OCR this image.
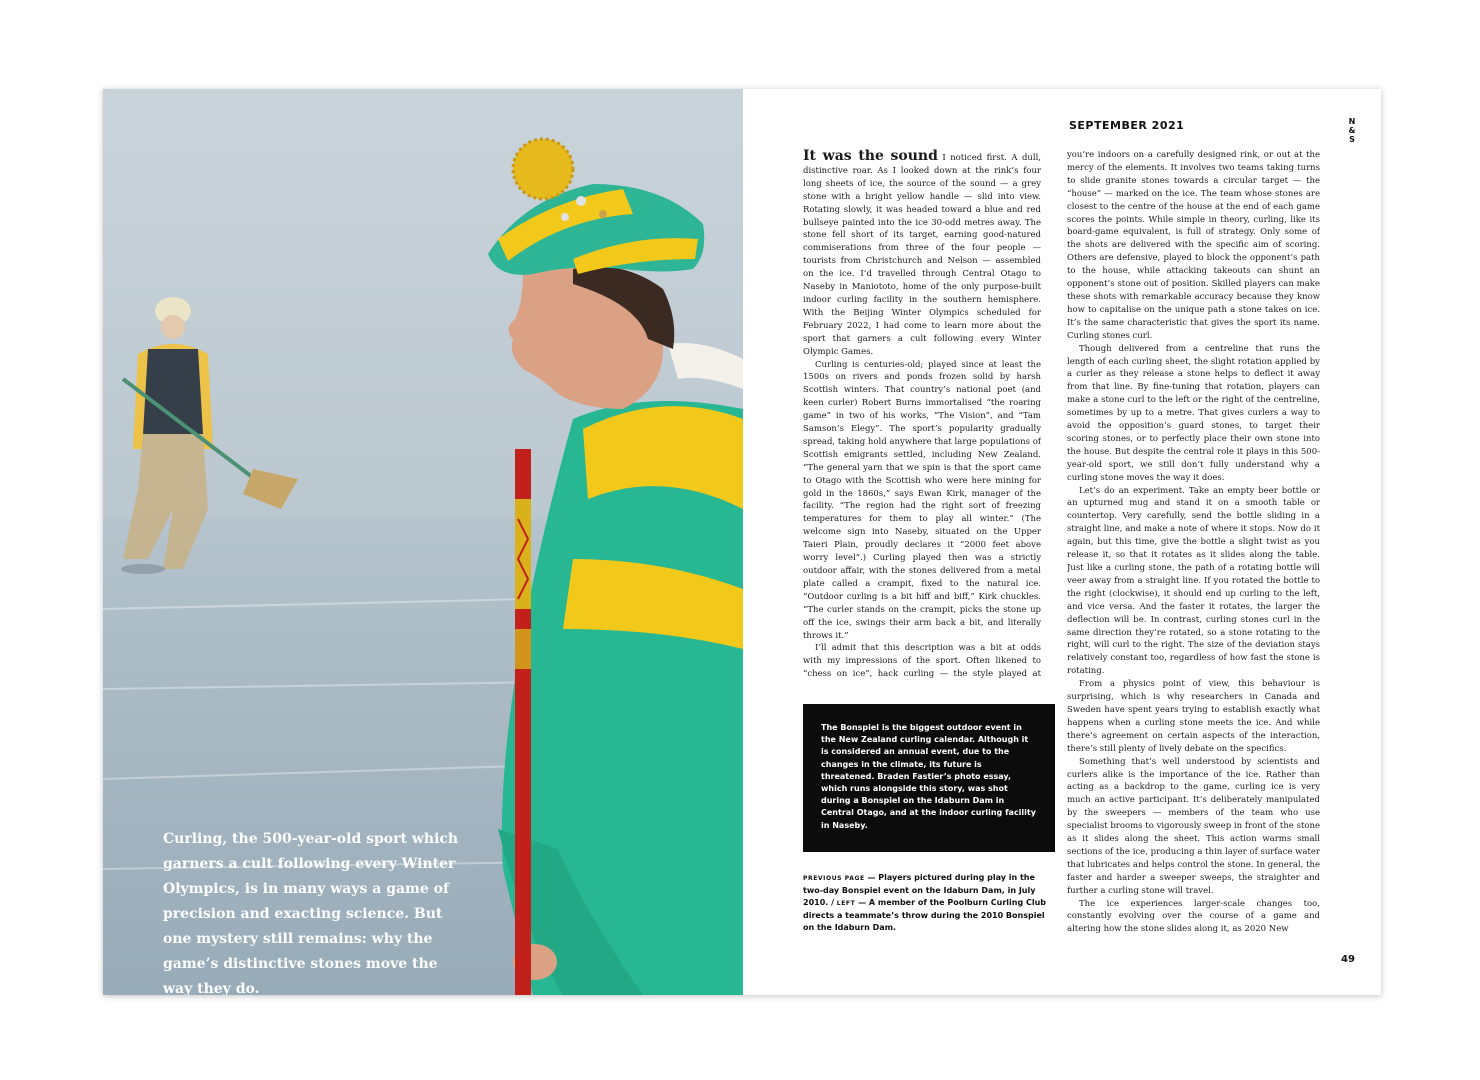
Curling, the 500-year-old sport which garners a cult following every Winter Olympics, is in many ways a game of precision and exacting science. But one mystery still remains: why the game’s distinctive stones move the way they do.
SEPTEMBER 2021	N
&
S

It was the sound I noticed first. A dull, distinctive roar. As I looked down at the rink’s four long sheets of ice, the source of the sound — a grey stone with a bright yellow handle — slid into view. Rotating slowly, it was headed toward a blue and red bullseye painted into the ice 30-odd metres away. The stone fell short of its target, earning good-natured commiserations from three of the four people — tourists from Christchurch and Nelson — assembled on the ice. I’d travelled through Central Otago to Naseby in Maniototo, home of the only purpose-built indoor curling facility in the southern hemisphere. With the Beijing Winter Olympics scheduled for February 2022, I had come to learn more about the sport that garners a cult following every Winter Olympic Games.

Curling is centuries-old; played since at least the 1500s on rivers and ponds frozen solid by harsh Scottish winters. That country’s national poet (and keen curler) Robert Burns immortalised “the roaring game” in two of his works, “The Vision”, and “Tam Samson’s Elegy”. The sport’s popularity gradually spread, taking hold anywhere that large populations of Scottish emigrants settled, including New Zealand. “The general yarn that we spin is that the sport came to Otago with the Scottish who were here mining for gold in the 1860s,” says Ewan Kirk, manager of the facility. “The region had the right sort of freezing temperatures for them to play all winter.” (The welcome sign into Naseby, situated on the Upper Taieri Plain, proudly declares it “2000 feet above worry level”.) Curling played then was a strictly outdoor affair, with the stones delivered from a metal plate called a crampit, fixed to the natural ice. “Outdoor curling is a bit hiff and biff,” Kirk chuckles. “The curler stands on the crampit, picks the stone up off the ice, swings their arm back a bit, and literally throws it.”

I’ll admit that this description was a bit at odds with my impressions of the sport. Often likened to “chess on ice”, hack curling — the style played at

The Bonspiel is the biggest outdoor event in the New Zealand curling calendar. Although it is considered an annual event, due to the changes in the climate, its future is threatened. Braden Fastier’s photo essay, which runs alongside this story, was shot during a Bonspiel on the Idaburn Dam in Central Otago, and at the indoor curling facility in Naseby.
PREVIOUS PAGE — Players pictured during play in the two-day Bonspiel event on the Idaburn Dam, in July 2010. / LEFT — A member of the Poolburn Curling Club directs a teammate’s throw during the 2010 Bonspiel on the Idaburn Dam.

you’re indoors on a carefully designed rink, or out at the mercy of the elements. It involves two teams taking turns to slide granite stones towards a circular target — the “house” — marked on the ice. The team whose stones are closest to the centre of the house at the end of each game scores the points. While simple in theory, curling, like its board-game equivalent, is full of strategy. Only some of the shots are delivered with the specific aim of scoring. Others are defensive, played to block the opponent’s path to the house, while attacking takeouts can shunt an opponent’s stone out of position. Skilled players can make these shots with remarkable accuracy because they know how to capitalise on the unique path a stone takes on ice. It’s the same characteristic that gives the sport its name. Curling stones curl.

Though delivered from a centreline that runs the length of each curling sheet, the slight rotation applied by a curler as they release a stone helps to deflect it away from that line. By fine-tuning that rotation, players can make a stone curl to the left or the right of the centreline, sometimes by up to a metre. That gives curlers a way to avoid the opposition’s guard stones, to target their scoring stones, or to perfectly place their own stone into the house. But despite the central role it plays in this 500-year-old sport, we still don’t fully understand why a curling stone moves the way it does.

Let’s do an experiment. Take an empty beer bottle or an upturned mug and stand it on a smooth table or countertop. Very carefully, send the bottle sliding in a straight line, and make a note of where it stops. Now do it again, but this time, give the bottle a slight twist as you release it, so that it rotates as it slides along the table. Just like a curling stone, the path of a rotating bottle will veer away from a straight line. If you rotated the bottle to the right (clockwise), it should end up curling to the left, and vice versa. And the faster it rotates, the larger the deflection will be. In contrast, curling stones curl in the same direction they’re rotated, so a stone rotating to the right, will curl to the right. The size of the deviation stays relatively constant too, regardless of how fast the stone is rotating.

From a physics point of view, this behaviour is surprising, which is why researchers in Canada and Sweden have spent years trying to establish exactly what happens when a curling stone meets the ice. And while there’s agreement on certain aspects of the interaction, there’s still plenty of lively debate on the specifics.

Something that’s well understood by scientists and curlers alike is the importance of the ice. Rather than acting as a backdrop to the game, curling ice is very much an active participant. It’s deliberately manipulated by the sweepers — members of the team who use specialist brooms to vigorously sweep in front of the stone as it slides along the sheet. This action warms small sections of the ice, producing a thin layer of surface water that lubricates and helps control the stone. In general, the faster and harder a sweeper sweeps, the straighter and further a curling stone will travel.

The ice experiences larger-scale changes too, constantly evolving over the course of a game and altering how the stone slides along it, as 2020 New

49
